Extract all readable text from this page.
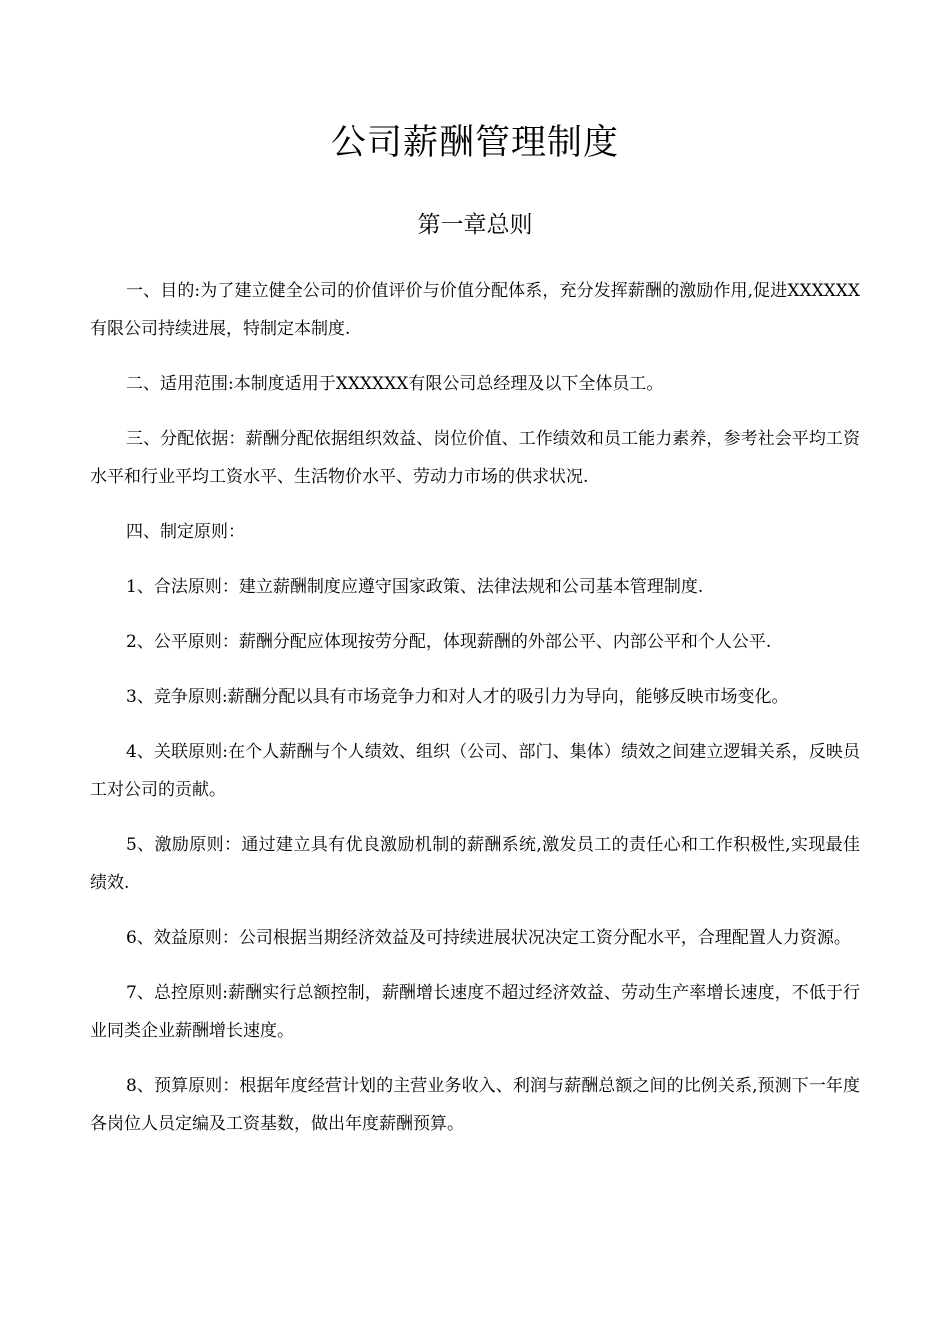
公司薪酬管理制度
第一章总则

一、目的:为了建立健全公司的价值评价与价值分配体系，充分发挥薪酬的激励作用,促进XXXXXX有限公司持续进展，特制定本制度.

二、适用范围:本制度适用于XXXXXX有限公司总经理及以下全体员工。

三、分配依据：薪酬分配依据组织效益、岗位价值、工作绩效和员工能力素养，参考社会平均工资水平和行业平均工资水平、生活物价水平、劳动力市场的供求状况.

四、制定原则：

1、合法原则：建立薪酬制度应遵守国家政策、法律法规和公司基本管理制度.

2、公平原则：薪酬分配应体现按劳分配，体现薪酬的外部公平、内部公平和个人公平.

3、竞争原则:薪酬分配以具有市场竞争力和对人才的吸引力为导向，能够反映市场变化。

4、关联原则:在个人薪酬与个人绩效、组织（公司、部门、集体）绩效之间建立逻辑关系，反映员工对公司的贡献。

5、激励原则：通过建立具有优良激励机制的薪酬系统,激发员工的责任心和工作积极性,实现最佳绩效.

6、效益原则：公司根据当期经济效益及可持续进展状况决定工资分配水平，合理配置人力资源。

7、总控原则:薪酬实行总额控制，薪酬增长速度不超过经济效益、劳动生产率增长速度，不低于行业同类企业薪酬增长速度。

8、预算原则：根据年度经营计划的主营业务收入、利润与薪酬总额之间的比例关系,预测下一年度各岗位人员定编及工资基数，做出年度薪酬预算。
